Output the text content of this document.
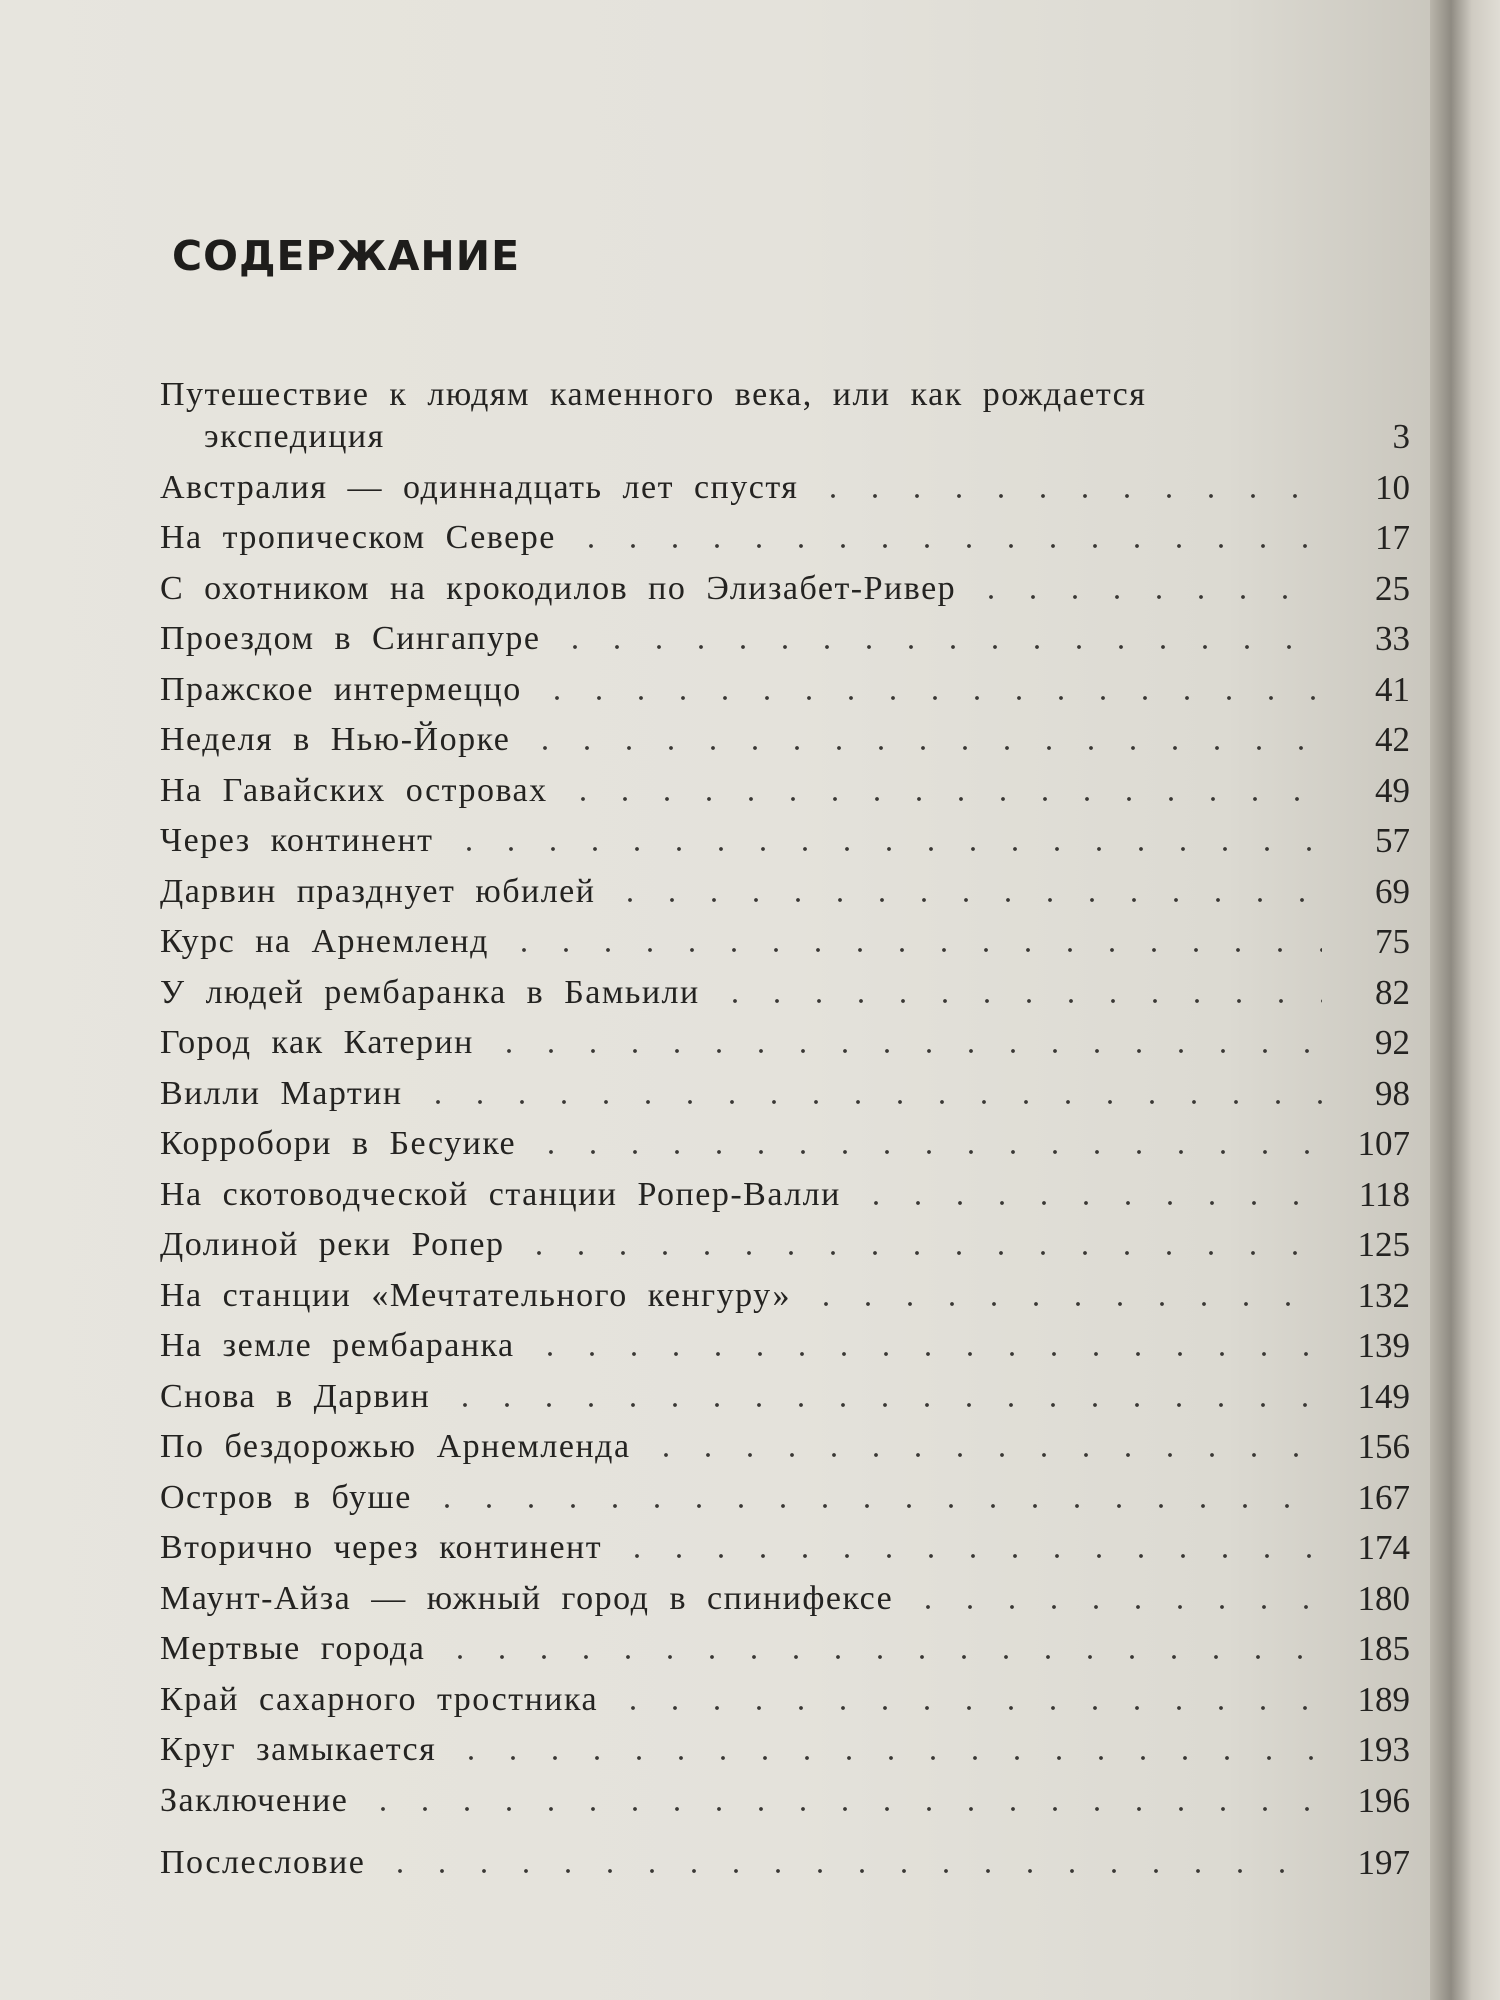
СОДЕРЖАНИЕ
Путешествие к людям каменного века, или как рождается экспедиция	3
Австралия — одиннадцать лет спустя	10
На тропическом Севере	17
С охотником на крокодилов по Элизабет-Ривер	25
Проездом в Сингапуре	33
Пражское интермеццо	41
Неделя в Нью-Йорке	42
На Гавайских островах	49
Через континент	57
Дарвин празднует юбилей	69
Курс на Арнемленд	75
У людей рембаранка в Бамьили	82
Город как Катерин	92
Вилли Мартин	98
Корробори в Бесуике	107
На скотоводческой станции Ропер-Валли	118
Долиной реки Ропер	125
На станции «Мечтательного кенгуру»	132
На земле рембаранка	139
Снова в Дарвин	149
По бездорожью Арнемленда	156
Остров в буше	167
Вторично через континент	174
Маунт-Айза — южный город в спинифексе	180
Мертвые города	185
Край сахарного тростника	189
Круг замыкается	193
Заключение	196
Послесловие	197
